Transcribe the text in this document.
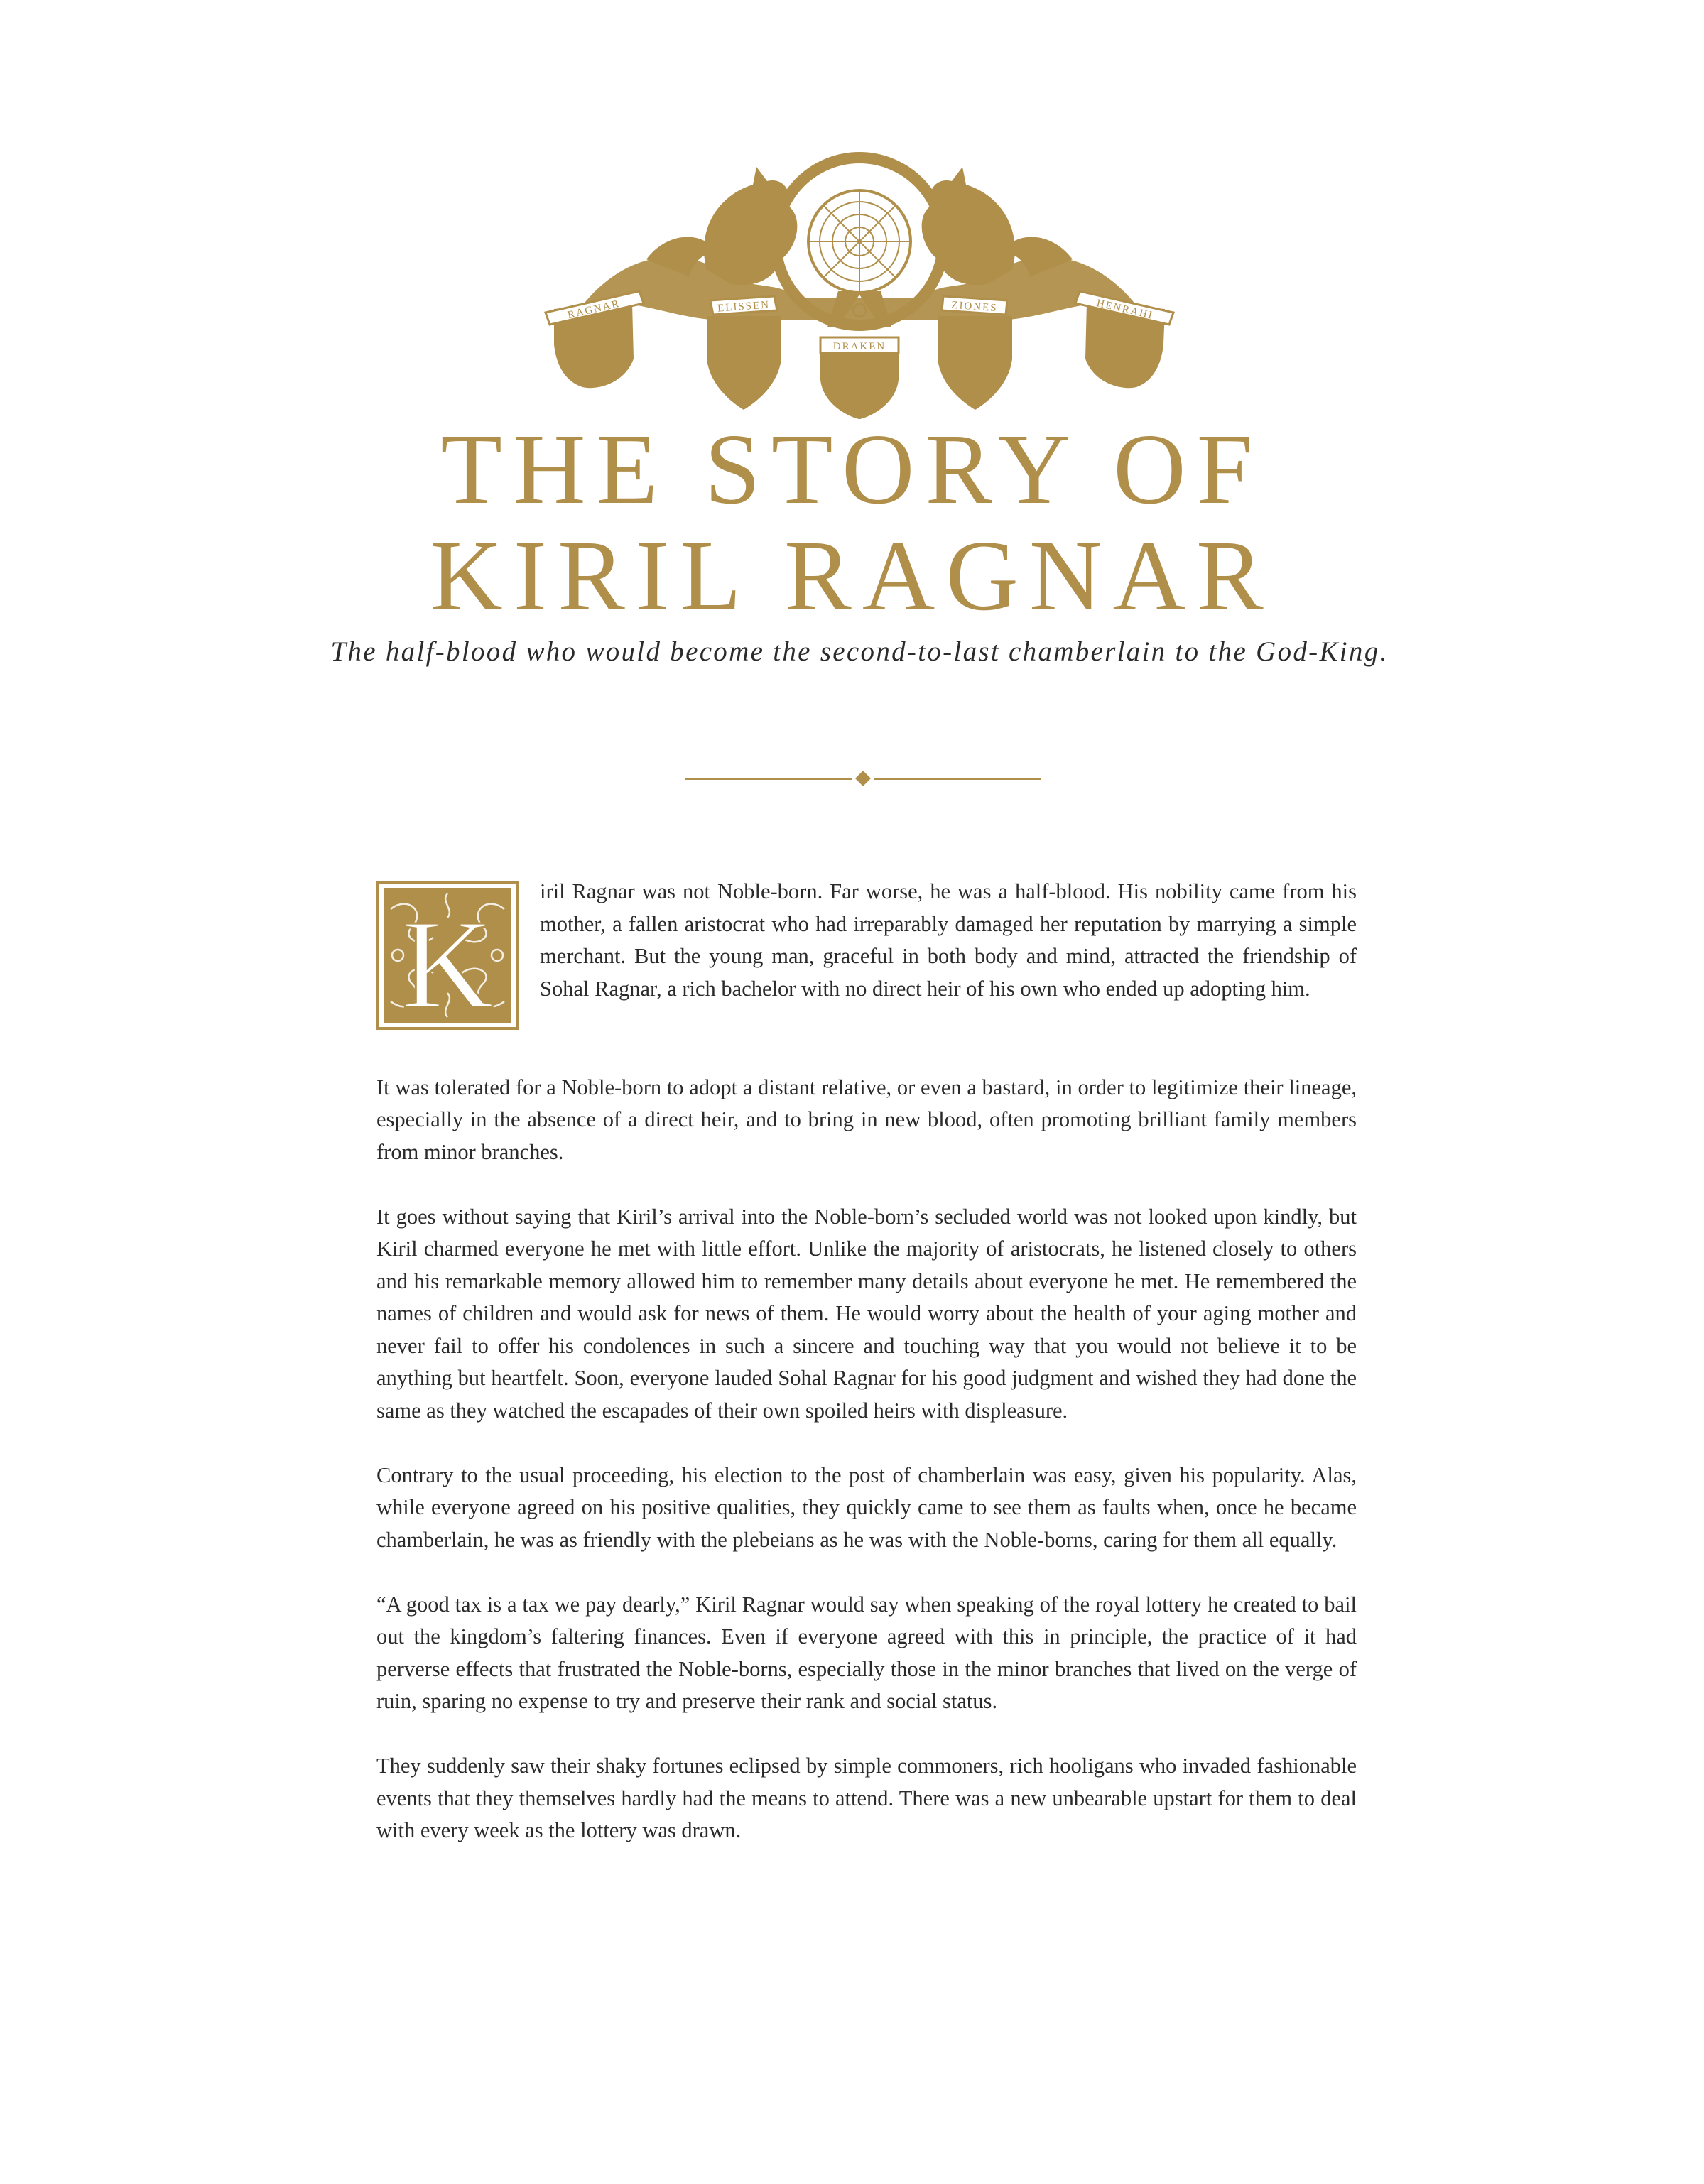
RAGNAR	ELISSEN
DRAKEN
ZIONES	HENRAHI
THE STORY OF
KIRIL RAGNAR

The half-blood who would become the second-to-last chamberlain to the God-King.

K
iril Ragnar was not Noble-born. Far worse, he was a half-blood. His nobility came from his mother, a fallen aristocrat who had irreparably damaged her reputation by marrying a simple merchant. But the young man, graceful in both body and mind, attracted the friendship of Sohal Ragnar, a rich bachelor with no direct heir of his own who ended up adopting him.

It was tolerated for a Noble-born to adopt a distant relative, or even a bastard, in order to legitimize their lineage, especially in the absence of a direct heir, and to bring in new blood, often promoting brilliant family members from minor branches.

It goes without saying that Kiril’s arrival into the Noble-born’s secluded world was not looked upon kindly, but Kiril charmed everyone he met with little effort. Unlike the majority of aristocrats, he listened closely to others and his remarkable memory allowed him to remember many details about everyone he met. He remembered the names of children and would ask for news of them. He would worry about the health of your aging mother and never fail to offer his condolences in such a sincere and touching way that you would not believe it to be anything but heartfelt. Soon, everyone lauded Sohal Ragnar for his good judgment and wished they had done the same as they watched the escapades of their own spoiled heirs with displeasure.

Contrary to the usual proceeding, his election to the post of chamberlain was easy, given his popularity. Alas, while everyone agreed on his positive qualities, they quickly came to see them as faults when, once he became chamberlain, he was as friendly with the plebeians as he was with the Noble-borns, caring for them all equally.

“A good tax is a tax we pay dearly,” Kiril Ragnar would say when speaking of the royal lottery he created to bail out the kingdom’s faltering finances. Even if everyone agreed with this in principle, the practice of it had perverse effects that frustrated the Noble-borns, especially those in the minor branches that lived on the verge of ruin, sparing no expense to try and preserve their rank and social status.

They suddenly saw their shaky fortunes eclipsed by simple commoners, rich hooligans who invaded fashionable events that they themselves hardly had the means to attend. There was a new unbearable upstart for them to deal with every week as the lottery was drawn.
